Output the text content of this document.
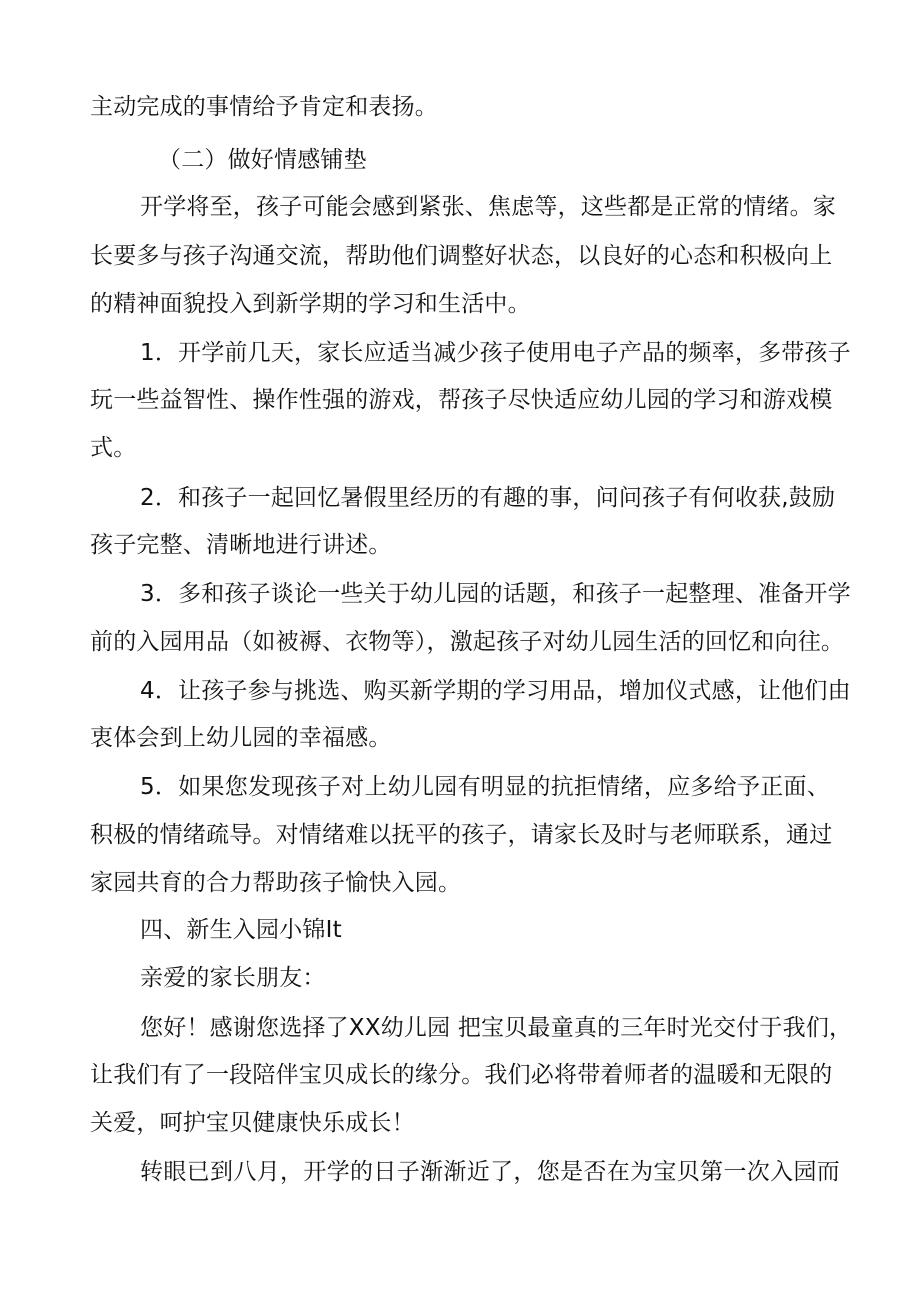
主动完成的事情给予肯定和表扬。
（二）做好情感铺垫
开学将至，孩子可能会感到紧张、焦虑等，这些都是正常的情绪。家
长要多与孩子沟通交流，帮助他们调整好状态，以良好的心态和积极向上
的精神面貌投入到新学期的学习和生活中。
1．开学前几天，家长应适当减少孩子使用电子产品的频率，多带孩子
玩一些益智性、操作性强的游戏，帮孩子尽快适应幼儿园的学习和游戏模
式。
2．和孩子一起回忆暑假里经历的有趣的事，问问孩子有何收获,鼓励
孩子完整、清晰地进行讲述。
3．多和孩子谈论一些关于幼儿园的话题，和孩子一起整理、准备开学
前的入园用品（如被褥、衣物等），激起孩子对幼儿园生活的回忆和向往。
4．让孩子参与挑选、购买新学期的学习用品，增加仪式感，让他们由
衷体会到上幼儿园的幸福感。
5．如果您发现孩子对上幼儿园有明显的抗拒情绪，应多给予正面、
积极的情绪疏导。对情绪难以抚平的孩子，请家长及时与老师联系，通过
家园共育的合力帮助孩子愉快入园。
四、新生入园小锦It
亲爱的家长朋友：
您好！感谢您选择了XX幼儿园 把宝贝最童真的三年时光交付于我们，
让我们有了一段陪伴宝贝成长的缘分。我们必将带着师者的温暖和无限的
关爱，呵护宝贝健康快乐成长！
转眼已到八月，开学的日子渐渐近了，您是否在为宝贝第一次入园而
